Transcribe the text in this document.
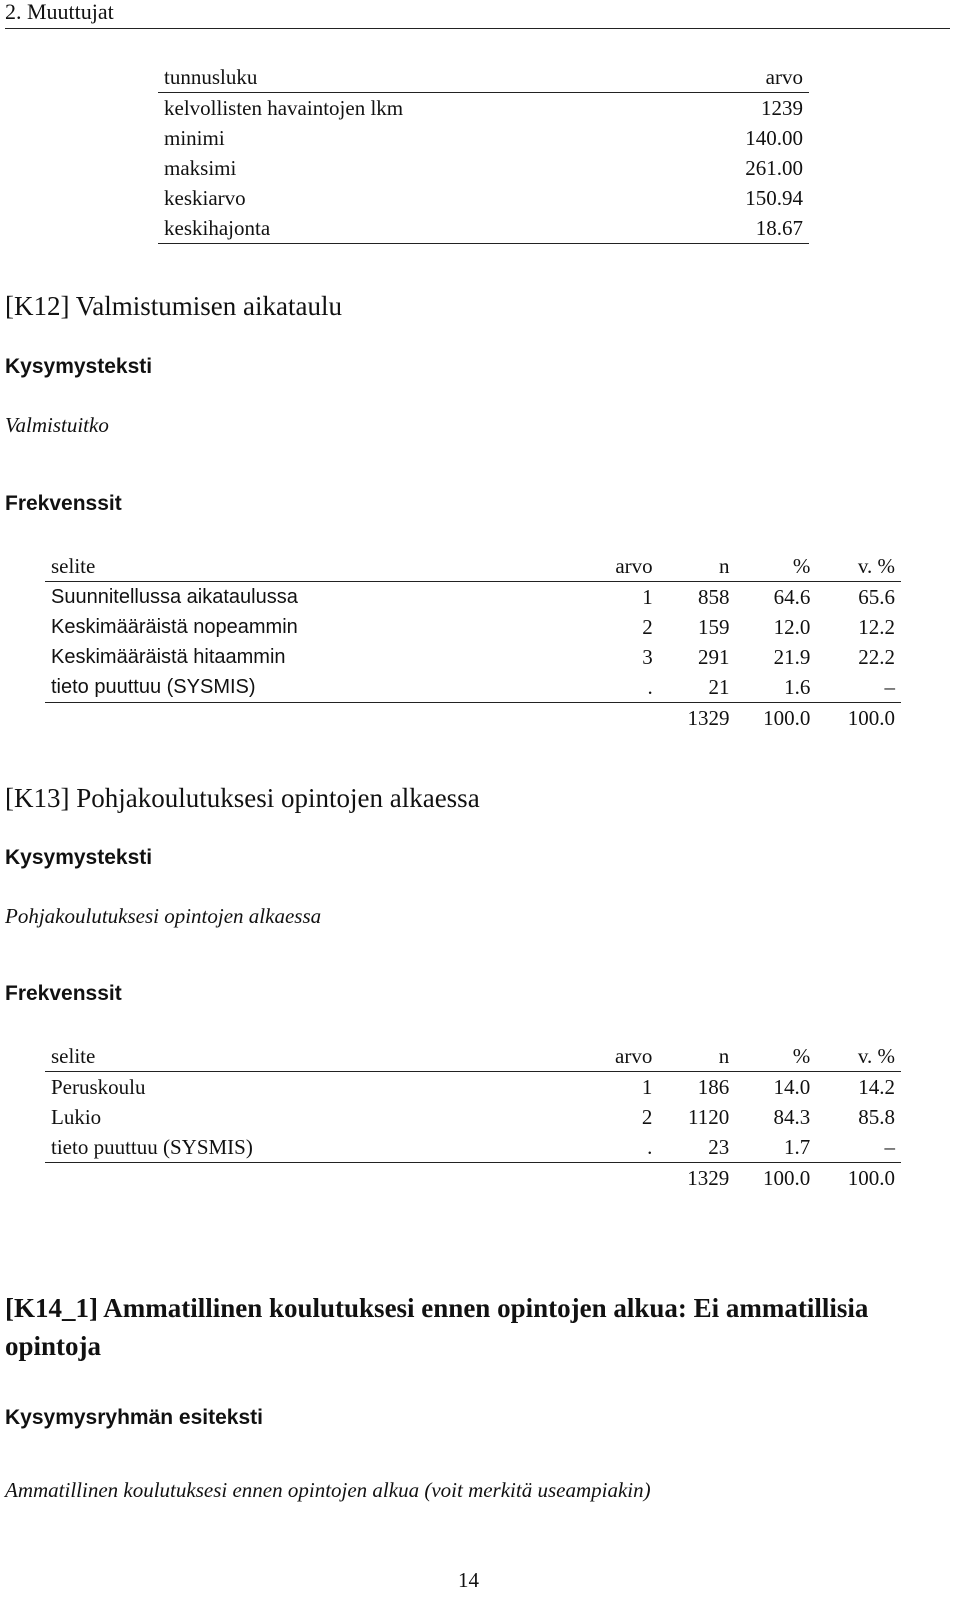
2. Muuttujat
tunnusluku	arvo
kelvollisten havaintojen lkm	1239
minimi	140.00
maksimi	261.00
keskiarvo	150.94
keskihajonta	18.67
[K12] Valmistumisen aikataulu
Kysymysteksti
Valmistuitko
Frekvenssit
selite	arvo	n	%	v. %
Suunnitellussa aikataulussa	1	858	64.6	65.6
Keskimääräistä nopeammin	2	159	12.0	12.2
Keskimääräistä hitaammin	3	291	21.9	22.2
tieto puuttuu (SYSMIS)	.	21	1.6	–
		1329	100.0	100.0
[K13] Pohjakoulutuksesi opintojen alkaessa
Kysymysteksti
Pohjakoulutuksesi opintojen alkaessa
Frekvenssit
selite	arvo	n	%	v. %
Peruskoulu	1	186	14.0	14.2
Lukio	2	1120	84.3	85.8
tieto puuttuu (SYSMIS)	.	23	1.7	–
		1329	100.0	100.0
[K14_1] Ammatillinen koulutuksesi ennen opintojen alkua: Ei ammatillisia opintoja
Kysymysryhmän esiteksti
Ammatillinen koulutuksesi ennen opintojen alkua (voit merkitä useampiakin)
14
